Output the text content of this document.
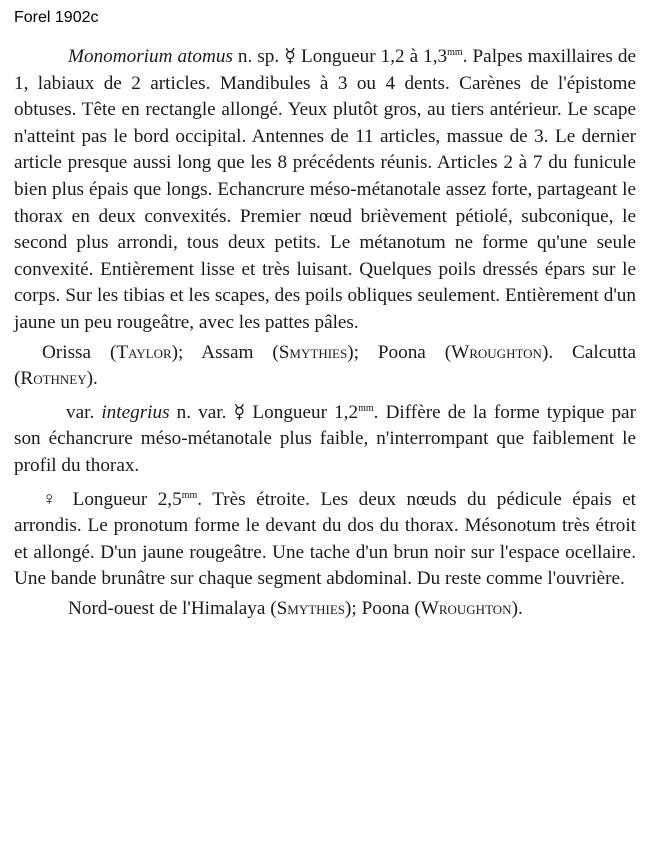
Forel 1902c

Monomorium atomus n. sp. ☿ Longueur 1,2 à $1,3^{mm}$. Palpes maxillaires de 1, labiaux de 2 articles. Mandibules à 3 ou 4 dents. Carènes de l'épistome obtuses. Tête en rectangle allongé. Yeux plutôt gros, au tiers antérieur. Le scape n'atteint pas le bord occipital. Antennes de 11 articles, massue de 3. Le dernier article presque aussi long que les 8 précédents réunis. Articles 2 à 7 du funicule bien plus épais que longs. Echancrure méso-métanotale assez forte, partageant le thorax en deux convexités. Premier nœud brièvement pétiolé, subconique, le second plus arrondi, tous deux petits. Le métanotum ne forme qu'une seule convexité. Entièrement lisse et très luisant. Quelques poils dressés épars sur le corps. Sur les tibias et les scapes, des poils obliques seulement. Entièrement d'un jaune un peu rougeâtre, avec les pattes pâles.

Orissa (Taylor); Assam (Smythies); Poona (Wroughton). Calcutta (Rothney).

var. integrius n. var. ☿ Longueur $1,2^{mm}$. Diffère de la forme typique par son échancrure méso-métanotale plus faible, n'interrompant que faiblement le profil du thorax.

♀ Longueur $2,5^{mm}$. Très étroite. Les deux nœuds du pédicule épais et arrondis. Le pronotum forme le devant du dos du thorax. Mésonotum très étroit et allongé. D'un jaune rougeâtre. Une tache d'un brun noir sur l'espace ocellaire. Une bande brunâtre sur chaque segment abdominal. Du reste comme l'ouvrière.

Nord-ouest de l'Himalaya (Smythies); Poona (Wroughton).
